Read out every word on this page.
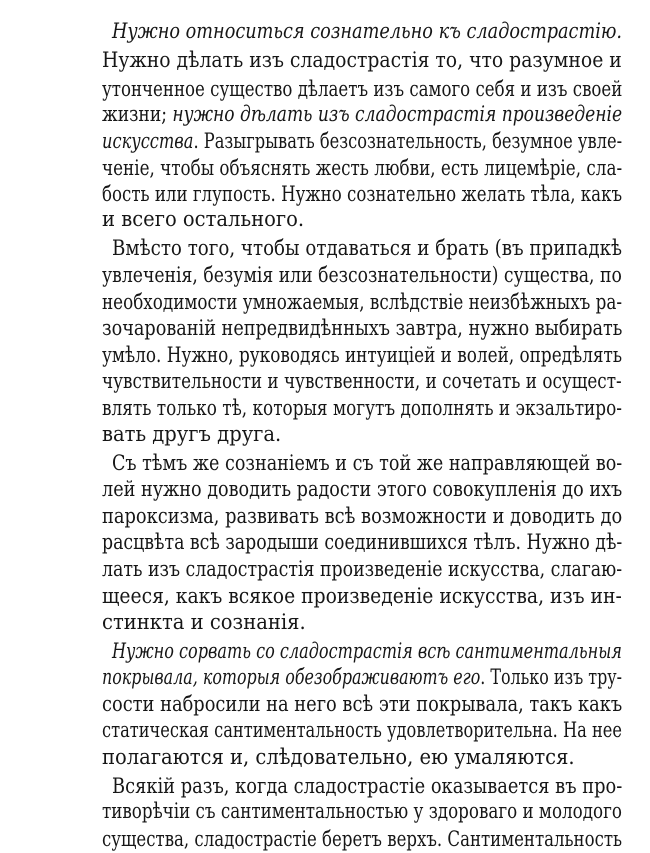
Нужно относиться сознательно къ сладострастію.
Нужно дѣлать изъ сладострастія то, что разумное и
утонченное существо дѣлаетъ изъ самого себя и изъ своей
жизни; нужно дѣлать изъ сладострастія произведеніе
искусства. Разыгрывать безсознательность, безумное увле-
ченіе, чтобы объяснять жесть любви, есть лицемѣріе, сла-
бость или глупость. Нужно сознательно желать тѣла, какъ
и всего остального.
Вмѣсто того, чтобы отдаваться и брать (въ припадкѣ
увлеченія, безумія или безсознательности) существа, по
необходимости умножаемыя, вслѣдствіе неизбѣжныхъ ра-
зочарованій непредвидѣнныхъ завтра, нужно выбирать
умѣло. Нужно, руководясь интуиціей и волей, опредѣлять
чувствительности и чувственности, и сочетать и осущест-
влять только тѣ, которыя могутъ дополнять и экзальтиро-
вать другъ друга.
Съ тѣмъ же сознаніемъ и съ той же направляющей во-
лей нужно доводить радости этого совокупленія до ихъ
пароксизма, развивать всѣ возможности и доводить до
расцвѣта всѣ зародыши соединившихся тѣлъ. Нужно дѣ-
лать изъ сладострастія произведеніе искусства, слагаю-
щееся, какъ всякое произведеніе искусства, изъ ин-
стинкта и сознанія.
Нужно сорвать со сладострастія всѣ сантиментальныя
покрывала, которыя обезображиваютъ его. Только изъ тру-
сости набросили на него всѣ эти покрывала, такъ какъ
статическая сантиментальность удовлетворительна. На нее
полагаются и, слѣдовательно, ею умаляются.
Всякій разъ, когда сладострастіе оказывается въ про-
тиворѣчіи съ сантиментальностью у здороваго и молодого
существа, сладострастіе беретъ верхъ. Сантиментальность
